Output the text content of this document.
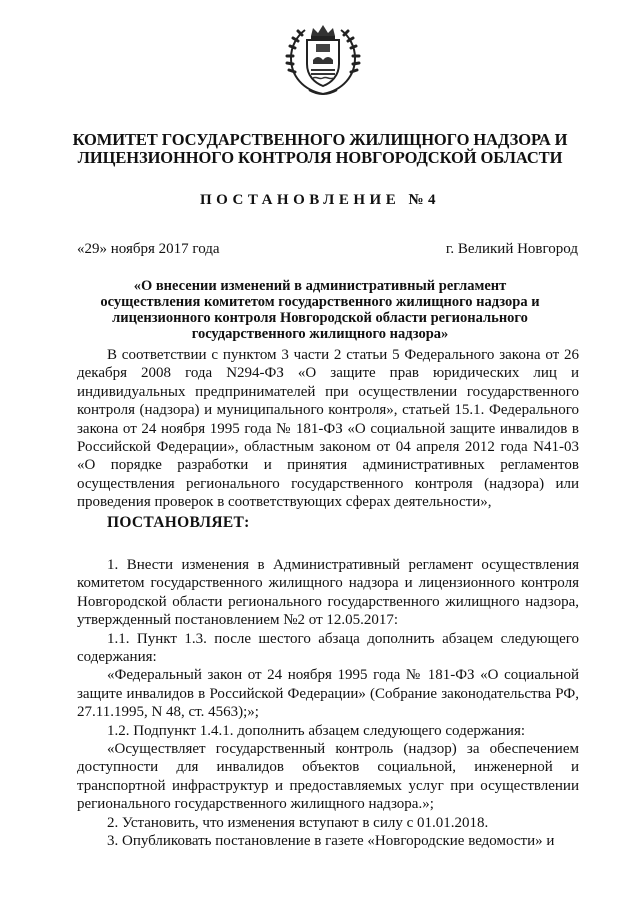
КОМИТЕТ ГОСУДАРСТВЕННОГО ЖИЛИЩНОГО НАДЗОРА И
ЛИЦЕНЗИОННОГО КОНТРОЛЯ НОВГОРОДСКОЙ ОБЛАСТИ
ПОСТАНОВЛЕНИЕ №4
«29» ноября 2017 года	г. Великий Новгород
«О внесении изменений в административный регламент
осуществления комитетом государственного жилищного надзора и
лицензионного контроля Новгородской области регионального
государственного жилищного надзора»

В соответствии с пунктом 3 части 2 статьи 5 Федерального закона от 26 декабря 2008 года N294-ФЗ «О защите прав юридических лиц и индивидуальных предпринимателей при осуществлении государственного контроля (надзора) и муниципального контроля», статьей 15.1. Федерального закона от 24 ноября 1995 года № 181-ФЗ «О социальной защите инвалидов в Российской Федерации», областным законом от 04 апреля 2012 года N41-03 «О порядке разработки и принятия административных регламентов осуществления регионального государственного контроля (надзора) или проведения проверок в соответствующих сферах деятельности»,

ПОСТАНОВЛЯЕТ:

1. Внести изменения в Административный регламент осуществления комитетом государственного жилищного надзора и лицензионного контроля Новгородской области регионального государственного жилищного надзора, утвержденный постановлением №2 от 12.05.2017:

1.1. Пункт 1.3. после шестого абзаца дополнить абзацем следующего содержания:

«Федеральный закон от 24 ноября 1995 года № 181-ФЗ «О социальной защите инвалидов в Российской Федерации» (Собрание законодательства РФ, 27.11.1995, N 48, ст. 4563);»;

1.2. Подпункт 1.4.1. дополнить абзацем следующего содержания:

«Осуществляет государственный контроль (надзор) за обеспечением доступности для инвалидов объектов социальной, инженерной и транспортной инфраструктур и предоставляемых услуг при осуществлении регионального государственного жилищного надзора.»;

2. Установить, что изменения вступают в силу с 01.01.2018.

3. Опубликовать постановление в газете «Новгородские ведомости» и
